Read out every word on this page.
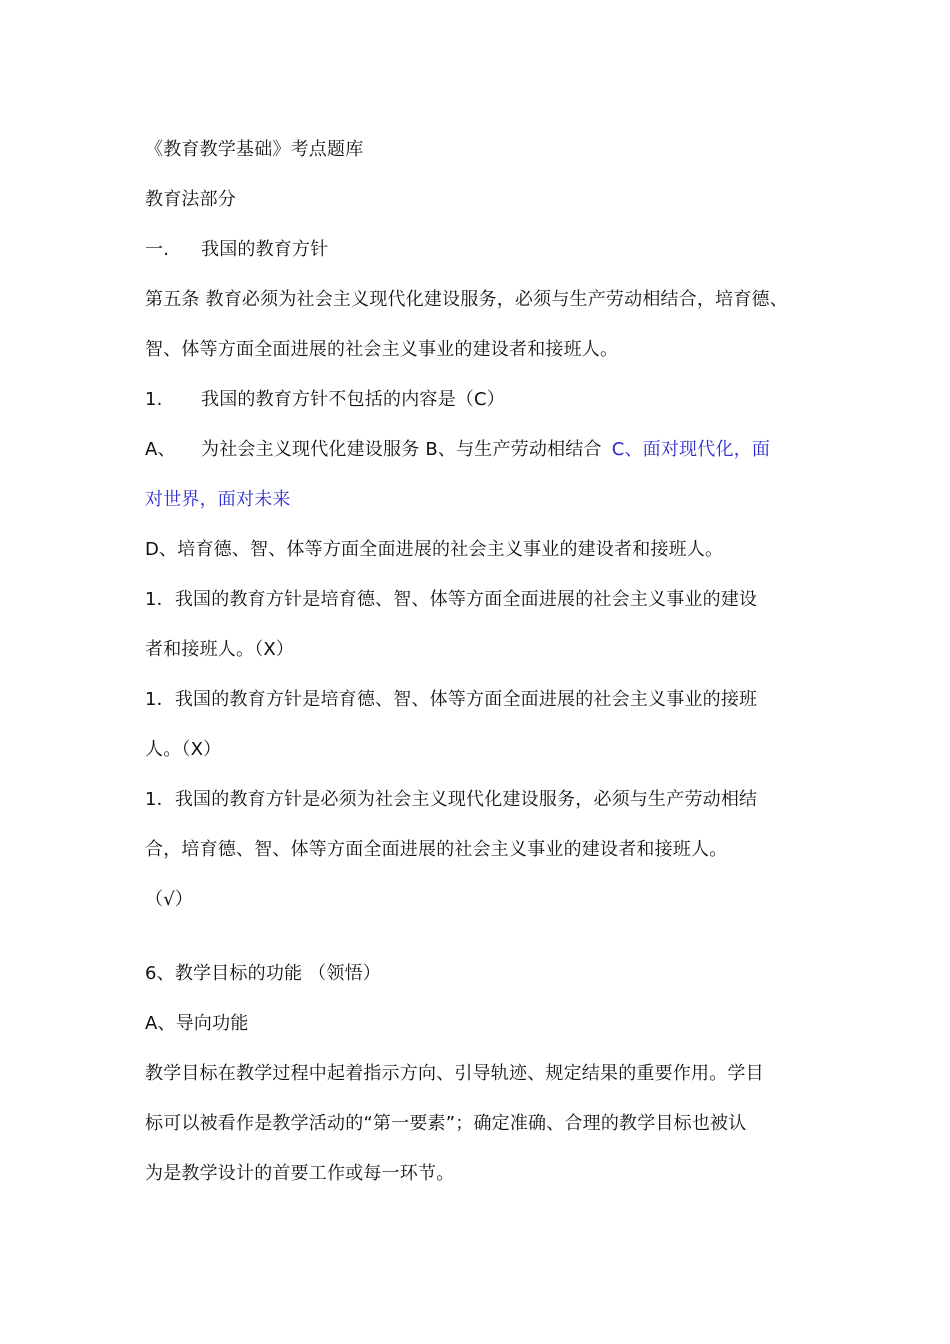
《教育教学基础》考点题库
教育法部分
一. 我国的教育方针
第五条 教育必须为社会主义现代化建设服务，必须与生产劳动相结合，培育德、
智、体等方面全面进展的社会主义事业的建设者和接班人。
1. 我国的教育方针不包括的内容是（C）
A、 为社会主义现代化建设服务 B、与生产劳动相结合 C、面对现代化，面
对世界，面对未来
D、培育德、智、体等方面全面进展的社会主义事业的建设者和接班人。
1．我国的教育方针是培育德、智、体等方面全面进展的社会主义事业的建设
者和接班人。（X）
1．我国的教育方针是培育德、智、体等方面全面进展的社会主义事业的接班
人。（X）
1．我国的教育方针是必须为社会主义现代化建设服务，必须与生产劳动相结
合，培育德、智、体等方面全面进展的社会主义事业的建设者和接班人。
（√）
6、教学目标的功能 （领悟）
A、导向功能
教学目标在教学过程中起着指示方向、引导轨迹、规定结果的重要作用。学目
标可以被看作是教学活动的“第一要素”；确定准确、合理的教学目标也被认
为是教学设计的首要工作或每一环节。
